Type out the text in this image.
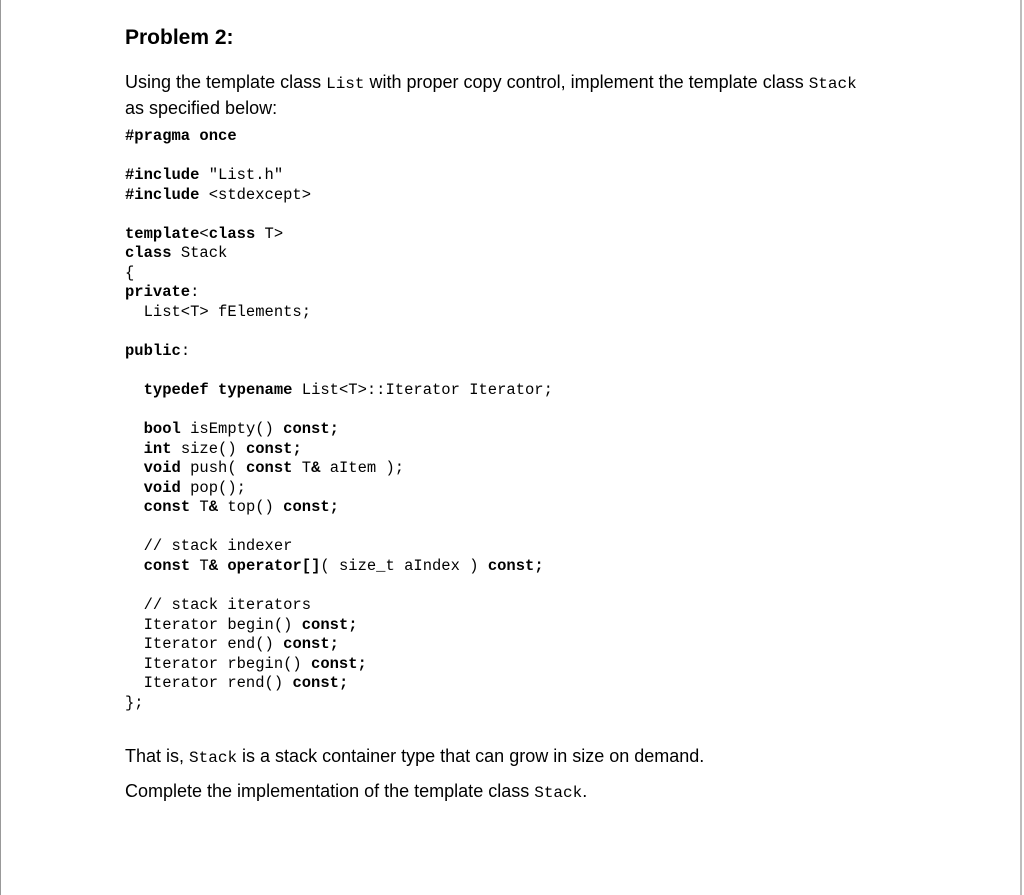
Problem 2:
Using the template class List with proper copy control, implement the template class Stack
as specified below:
#pragma once

#include "List.h"
#include <stdexcept>

template<class T>
class Stack
{
private:
List<T> fElements;

public:

typedef typename List<T>::Iterator Iterator;

bool isEmpty() const;
int size() const;
void push( const T& aItem );
void pop();
const T& top() const;

// stack indexer
const T& operator[]( size_t aIndex ) const;

// stack iterators
Iterator begin() const;
Iterator end() const;
Iterator rbegin() const;
Iterator rend() const;
};
That is, Stack is a stack container type that can grow in size on demand.
Complete the implementation of the template class Stack.
